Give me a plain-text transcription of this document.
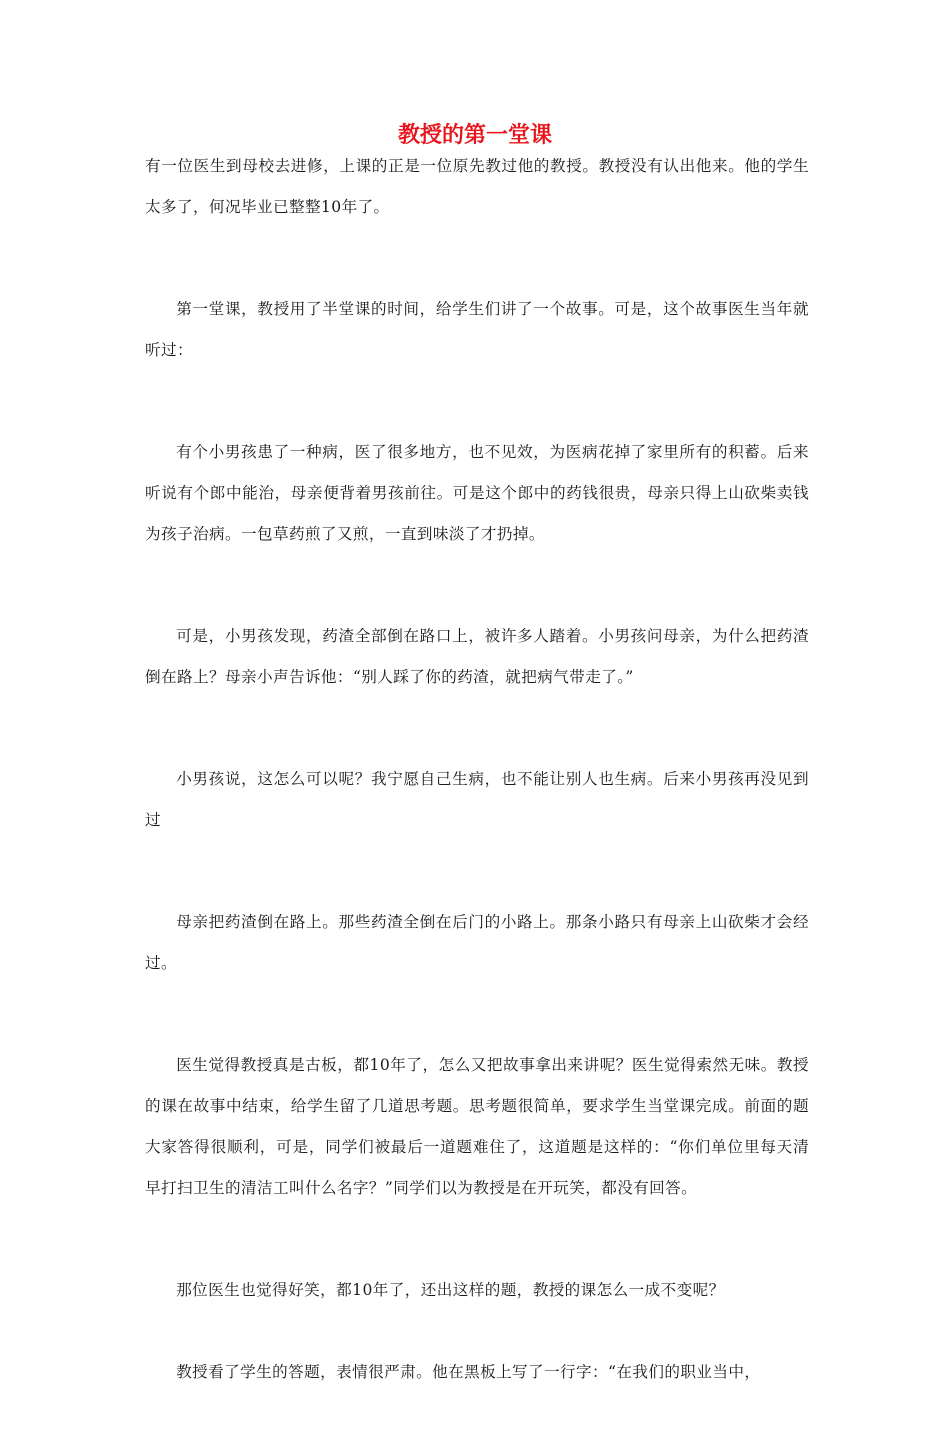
教授的第一堂课

有一位医生到母校去进修，上课的正是一位原先教过他的教授。教授没有认出他来。他的学生太多了，何况毕业已整整10年了。

第一堂课，教授用了半堂课的时间，给学生们讲了一个故事。可是，这个故事医生当年就听过：

有个小男孩患了一种病，医了很多地方，也不见效，为医病花掉了家里所有的积蓄。后来听说有个郎中能治，母亲便背着男孩前往。可是这个郎中的药钱很贵，母亲只得上山砍柴卖钱为孩子治病。一包草药煎了又煎，一直到味淡了才扔掉。

可是，小男孩发现，药渣全部倒在路口上，被许多人踏着。小男孩问母亲，为什么把药渣倒在路上？母亲小声告诉他：“别人踩了你的药渣，就把病气带走了。”

小男孩说，这怎么可以呢？我宁愿自己生病，也不能让别人也生病。后来小男孩再没见到过

母亲把药渣倒在路上。那些药渣全倒在后门的小路上。那条小路只有母亲上山砍柴才会经过。

医生觉得教授真是古板，都10年了，怎么又把故事拿出来讲呢？医生觉得索然无味。教授的课在故事中结束，给学生留了几道思考题。思考题很简单，要求学生当堂课完成。前面的题大家答得很顺利，可是，同学们被最后一道题难住了，这道题是这样的：“你们单位里每天清早打扫卫生的清洁工叫什么名字？”同学们以为教授是在开玩笑，都没有回答。

那位医生也觉得好笑，都10年了，还出这样的题，教授的课怎么一成不变呢？

教授看了学生的答题，表情很严肃。他在黑板上写了一行字：“在我们的职业当中，
